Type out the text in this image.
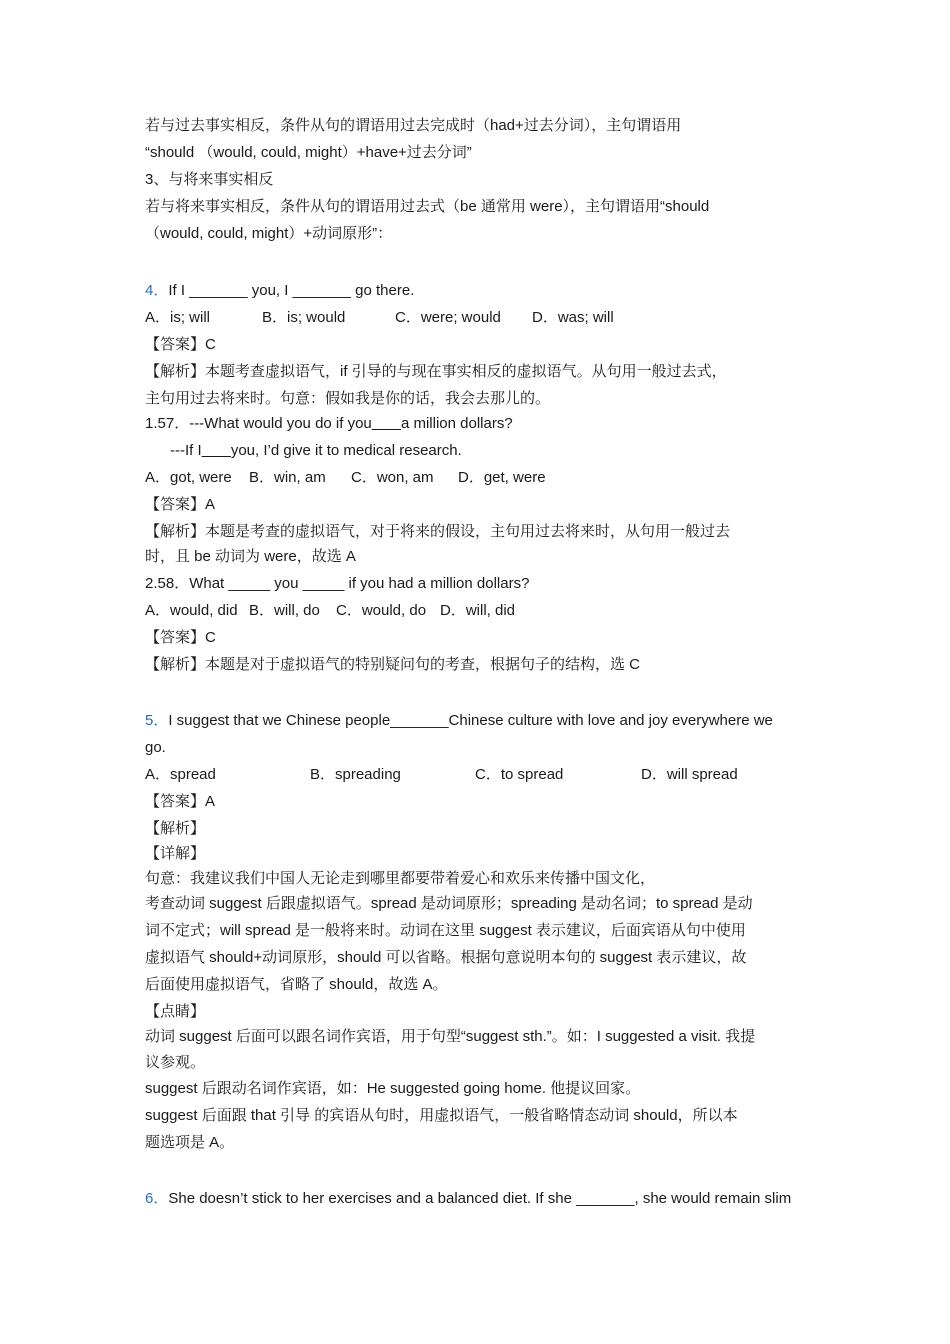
若与过去事实相反，条件从句的谓语用过去完成时（had+过去分词），主句谓语用
“should （would, could, might）+have+过去分词”
3、与将来事实相反
若与将来事实相反，条件从句的谓语用过去式（be 通常用 were），主句谓语用“should
（would, could, might）+动词原形”：
4．If I _______ you, I _______ go there.
A．is; will	B．is; would	C．were; would D．was; will
【答案】C
【解析】本题考查虚拟语气，if 引导的与现在事实相反的虚拟语气。从句用一般过去式，
主句用过去将来时。句意：假如我是你的话，我会去那儿的。
1.57．---What would you do if you a million dollars?
---If I you, I’d give it to medical research.
A．got, were B．win, am C．won, am D．get, were
【答案】A
【解析】本题是考查的虚拟语气，对于将来的假设，主句用过去将来时，从句用一般过去
时，且 be 动词为 were，故选 A
2.58．What _____ you _____ if you had a million dollars?
A．would, did B．will, do C．would, do D．will, did
【答案】C
【解析】本题是对于虚拟语气的特别疑问句的考查，根据句子的结构，选 C
5．I suggest that we Chinese people_______Chinese culture with love and joy everywhere we
go.
A．spread	B．spreading	C．to spread	D．will spread
【答案】A
【解析】
【详解】
句意：我建议我们中国人无论走到哪里都要带着爱心和欢乐来传播中国文化，
考查动词 suggest 后跟虚拟语气。spread 是动词原形；spreading 是动名词；to spread 是动
词不定式；will spread 是一般将来时。动词在这里 suggest 表示建议，后面宾语从句中使用
虚拟语气 should+动词原形，should 可以省略。根据句意说明本句的 suggest 表示建议，故
后面使用虚拟语气，省略了 should，故选 A。
【点睛】
动词 suggest 后面可以跟名词作宾语，用于句型“suggest sth.”。如：I suggested a visit. 我提
议参观。
suggest 后跟动名词作宾语，如：He suggested going home. 他提议回家。
suggest 后面跟 that 引导 的宾语从句时，用虚拟语气，一般省略情态动词 should，所以本
题选项是 A。
6．She doesn’t stick to her exercises and a balanced diet. If she _______, she would remain slim
